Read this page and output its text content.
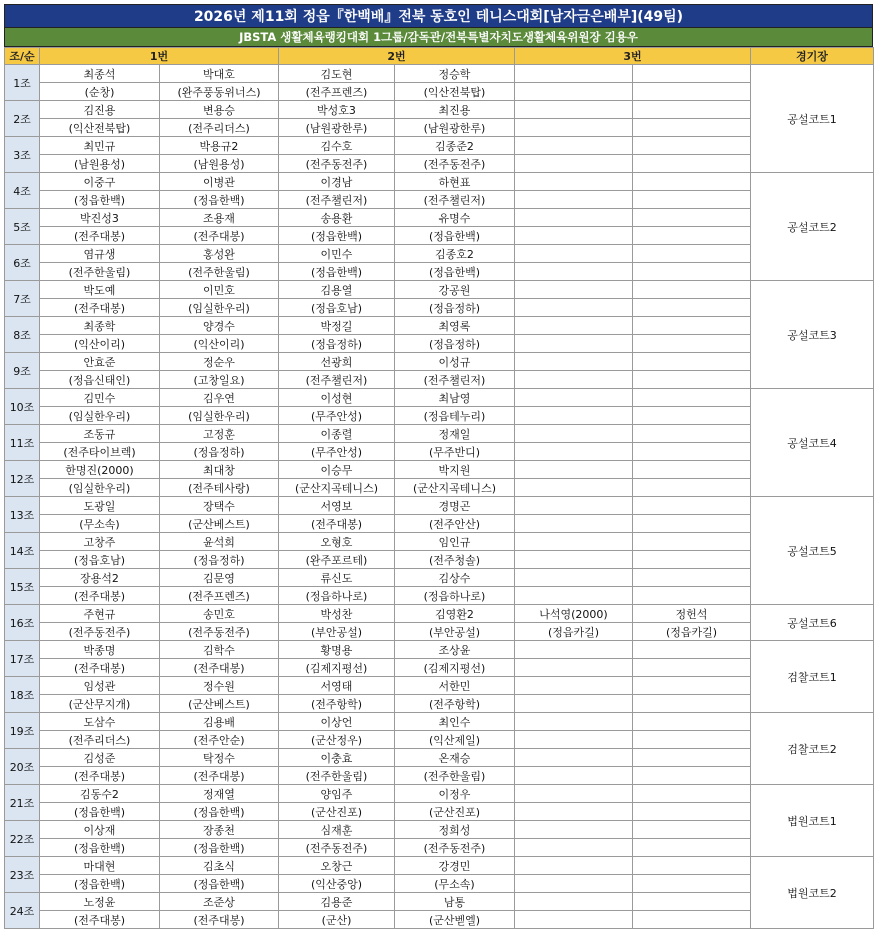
2026년 제11회 정읍『한백배』전북 동호인 테니스대회[남자금은배부](49팀)
JBSTA 생활체육랭킹대회 1그룹/감독관/전북특별자치도생활체육위원장 김용우
조/순	1번		2번		3번		경기장
1조	최종석	박대호	김도현	정승학			공설코트1
	(순창)	(완주풍동위너스)	(전주프렌즈)	(익산전북탑)			
2조	김진용	변용승	박성호3	최진용			
	(익산전북탑)	(전주리더스)	(남원광한루)	(남원광한루)			
3조	최민규	박용규2	김수호	김종준2			
	(남원용성)	(남원용성)	(전주동전주)	(전주동전주)			
4조	이중구	이병관	이경남	하현표			공설코트2
	(정읍한백)	(정읍한백)	(전주챌린저)	(전주챌린저)			
5조	박진성3	조용재	송용환	유명수			
	(전주대봉)	(전주대봉)	(정읍한백)	(정읍한백)			
6조	염규생	홍성완	이민수	김종호2			
	(전주한울림)	(전주한울림)	(정읍한백)	(정읍한백)			
7조	박도예	이민호	김용열	강공원			공설코트3
	(전주대봉)	(임실한우리)	(정읍호남)	(정읍정하)			
8조	최종학	양경수	박정길	최영록			
	(익산이리)	(익산이리)	(정읍정하)	(정읍정하)			
9조	안효준	정순우	선광희	이성규			
	(정읍신태인)	(고창일요)	(전주챌린저)	(전주챌린저)			
10조	김민수	김우연	이성현	최남영			공설코트4
	(임실한우리)	(임실한우리)	(무주안성)	(정읍테누리)			
11조	조동규	고정훈	이종렬	정재일			
	(전주타이브렉)	(정읍정하)	(무주안성)	(무주반디)			
12조	한명진(2000)	최대창	이승무	박지원			
	(임실한우리)	(전주테사랑)	(군산지곡테니스)	(군산지곡테니스)			
13조	도광일	장택수	서영보	경명곤			공설코트5
	(무소속)	(군산베스트)	(전주대봉)	(전주안산)			
14조	고창주	윤석희	오형호	임인규			
	(정읍호남)	(정읍정하)	(완주포르테)	(전주청솔)			
15조	장용석2	김문영	류신도	김상수			
	(전주대봉)	(전주프렌즈)	(정읍하나로)	(정읍하나로)			
16조	주현규	송민호	박성찬	김영환2	나석영(2000)	정헌석	공설코트6
	(전주동전주)	(전주동전주)	(부안공설)	(부안공설)	(정읍카길)	(정읍카길)	
17조	박종명	김학수	황명용	조상윤			검찰코트1
	(전주대봉)	(전주대봉)	(김제지평선)	(김제지평선)			
18조	임성관	정수원	서영태	서한민			
	(군산무지개)	(군산베스트)	(전주항학)	(전주항학)			
19조	도삼수	김용배	이상언	최인수			검찰코트2
	(전주리더스)	(전주안순)	(군산정우)	(익산제일)			
20조	김성준	탁정수	이충효	온재승			
	(전주대봉)	(전주대봉)	(전주한울림)	(전주한울림)			
21조	김동수2	정재열	양임주	이정우			법원코트1
	(정읍한백)	(정읍한백)	(군산진포)	(군산진포)			
22조	이상재	장종천	심재훈	정희성			
	(정읍한백)	(정읍한백)	(전주동전주)	(전주동전주)			
23조	마대현	김초식	오창근	강경민			법원코트2
	(정읍한백)	(정읍한백)	(익산중앙)	(무소속)			
24조	노정윤	조준상	김용준	남통			
	(전주대봉)	(전주대봉)	(군산)	(군산벧엘)			
